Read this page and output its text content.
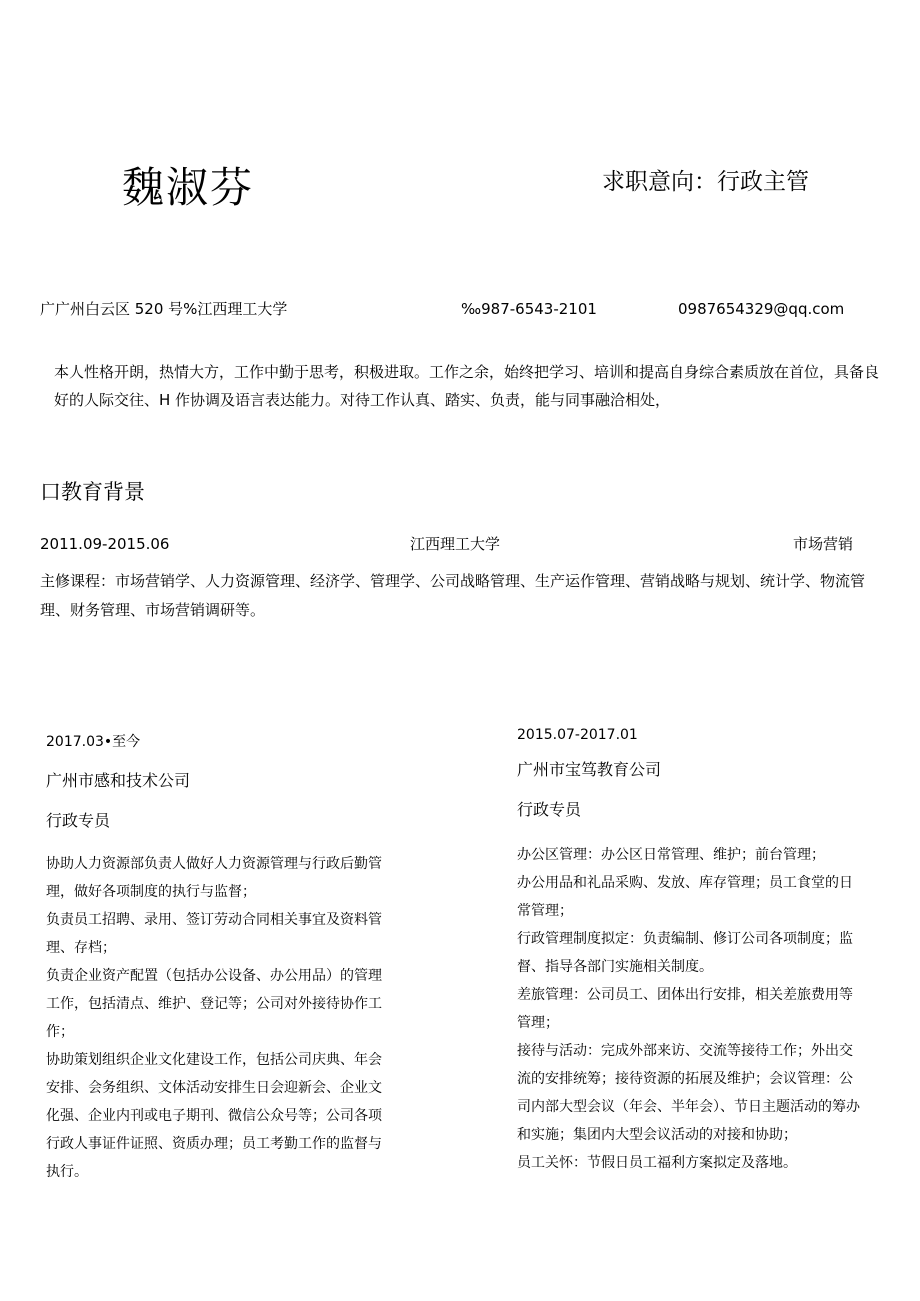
魏淑芬	求职意向：行政主管
广广州白云区 520 号%江西理工大学	‰987-6543-2101	0987654329@qq.com
本人性格开朗，热情大方，工作中勤于思考，积极进取。工作之余，始终把学习、培训和提高自身综合素质放在首位，具备良好的人际交往、H 作协调及语言表达能力。对待工作认真、踏实、负责，能与同事融洽相处，
口教育背景
2011.09-2015.06	江西理工大学	市场营销
主修课程：市场营销学、人力资源管理、经济学、管理学、公司战略管理、生产运作管理、营销战略与规划、统计学、物流管理、财务管理、市场营销调研等。
2017.03•至今
广州市感和技术公司
行政专员
协助人力资源部负责人做好人力资源管理与行政后勤管理，做好各项制度的执行与监督；
负责员工招聘、录用、签订劳动合同相关事宜及资料管理、存档；
负责企业资产配置（包括办公设备、办公用品）的管理工作，包括清点、维护、登记等；公司对外接待协作工作；
协助策划组织企业文化建设工作，包括公司庆典、年会安排、会务组织、文体活动安排生日会迎新会、企业文化强、企业内刊或电子期刊、微信公众号等；公司各项行政人事证件证照、资质办理；员工考勤工作的监督与执行。
2015.07-2017.01
广州市宝笃教育公司
行政专员
办公区管理：办公区日常管理、维护；前台管理；
办公用品和礼品采购、发放、库存管理；员工食堂的日常管理；
行政管理制度拟定：负责编制、修订公司各项制度；监督、指导各部门实施相关制度。
差旅管理：公司员工、团体出行安排，相关差旅费用等管理；
接待与活动：完成外部来访、交流等接待工作；外出交流的安排统筹；接待资源的拓展及维护；会议管理：公司内部大型会议（年会、半年会）、节日主题活动的筹办和实施；集团内大型会议活动的对接和协助；
员工关怀：节假日员工福利方案拟定及落地。
